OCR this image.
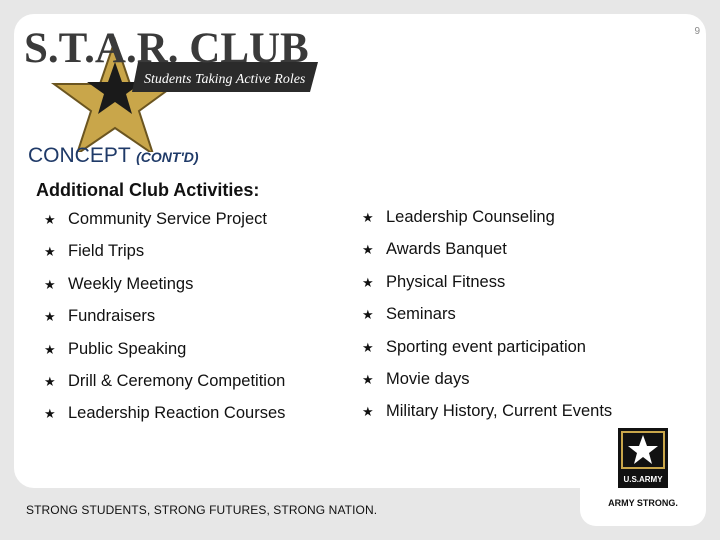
9
S.T.A.R. CLUB
Students Taking Active Roles
CONCEPT (CONT'D)
Additional Club Activities:
★ Community Service Project
★ Field Trips
★ Weekly Meetings
★ Fundraisers
★ Public Speaking
★ Drill & Ceremony Competition
★ Leadership Reaction Courses
★ Leadership Counseling
★ Awards Banquet
★ Physical Fitness
★ Seminars
★ Sporting event participation
★ Movie days
★ Military History, Current Events
STRONG STUDENTS, STRONG FUTURES, STRONG NATION.
U.S.ARMY
ARMY STRONG.
